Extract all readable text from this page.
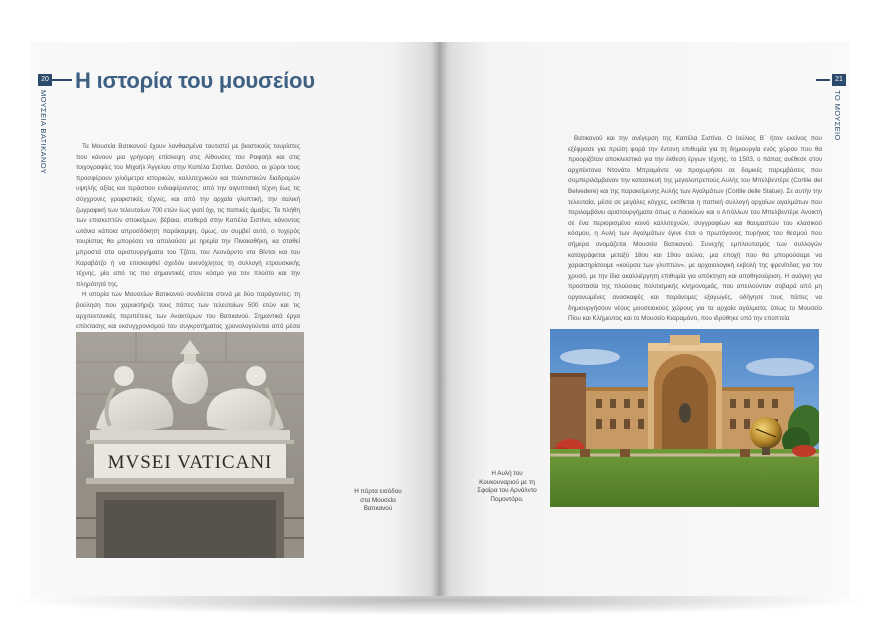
20
ΜΟΥΣΕΙΑ ΒΑΤΙΚΑΝΟΥ
Η ιστορία του μουσείου

Τα Μουσεία Βατικανού έχουν λανθασμένα ταυτιστεί με βιαστικούς τουρίστες που κάνουν μια γρήγορη επίσκεψη στις Αίθουσες του Ραφαήλ και στις τοιχογραφίες του Μιχαήλ Άγγελου στην Καπέλα Σιστίνα. Ωστόσο, οι χώροι τους προσφέρουν χιλιόμετρα ιστορικών, καλλιτεχνικών και πολιτιστικών διαδρομών υψηλής αξίας και τεράστιου ενδιαφέροντος: από την αιγυπτιακή τέχνη έως τις σύγχρονες γραφιστικές τέχνες, και από την αρχαία γλυπτική, την ιταλική ζωγραφική των τελευταίων 700 ετών έως γιατί όχι, τις παπικές άμαξες. Τα πλήθη των επισκεπτών σποκείμων, βέβαια, σταθερά στην Καπέλα Σιστίνα, κάνοντας ωτάνια κάποια απροσδόκητη παράκαμψη, όμως, αν συμβεί αυτό, ο τυχερός τουρίστας θα μπορέσει να απολαύσει με ηρεμία την Πινακοθήκη, κα σταθεί μπροστά στα αριστουργήματα του Τζότο, του Λεονάρντο ντα Βίντσι και του Καραβάτζο ή να επισκεφθεί σχεδόν ανενόχλητος τη συλλογή ετρουσκικής τέχνης, μία από τις πιο σημαντικές στον κόσμο για τον πλούτο και την πληρότητά της.

Η ιστορία των Μουσείων Βατικανού συνδέεται στενά με δύο παράγοντες: τη βούληση που χαρακτήριζε τους πάπες των τελευταίων 500 ετών και τις αρχιτεκτονικές περιπέτειες των Ανακτόρων του Βατικανού. Σημαντικά έργα επέκτασης και εκσυγχρονισμού του συγκροτήματος χρονολογούνται από μέσα

MVSEI VATICANI
Η πόρτα εισόδου στα Μουσεία Βατικανού
21
ΤΟ ΜΟΥΣΕΙΟ

Βατικανού και την ανέγερση της Καπέλα Σιστίνα. Ο Ιούλιος Β΄ ήταν εκείνος που εξέφρασε για πρώτη φορά την έντονη επιθυμία για τη δημιουργία ενός χώρου που θα προοριζόταν αποκλειστικά για την έκθεση έργων τέχνης, το 1503, ο πάπας ανέθεσε στον αρχιτέκτονα Ντονάτο Μπραμάντε να προχωρήσει σε δομικές παρεμβάσεις που συμπεριλάμβαναν την κατασκευή της μεγαλοπρεπούς Αυλής του Μπελβεντέρε (Cortile del Belvedere) και της παρακείμενης Αυλής των Αγαλμάτων (Cortile delle Statue). Σε αυτήν την τελευταία, μέσα σε μεγάλες κόγχες, εκτίθεται η παπική συλλογή αρχαίων αγαλμάτων που περιλαμβάνει αριστουργήματα όπως ο Λαοκόων και ο Απόλλων του Μπελβεντέρε Ανοικτή σε ένα περιορισμένο κοινό καλλιτεχνών, συγγραφέων και θαυμαστών του κλασικού κόσμου, η Αυλή των Αγαλμάτων έγινε έτσι ο πρωτόγονος πυρήνας του θεσμού που σήμερα ονομάζεται Μουσεία Βατικανού. Συνεχής εμπλουτισμός των συλλογών καταγράφεται μεταξύ 18ου και 19ου αιώνα, μια εποχή που θα μπορούσαμε να χαρακτηρίσουμε «κούρσα των γλυπτών», με αρχαιολογική εκβολή της φρενίτιδας για τον χρυσό, με την ίδια ακαλλιέργητη επιθυμία για απόκτηση και αποθησαύριση. Η ανάγκη για προστασία της πλούσιας πολιτισμικής κληρονομιάς, που απειλούνταν σοβαρά από μη οργανωμένες ανασκαφές και παράνομες εξαγωγές, οδήγησε τους πάπες να δημιουργήσουν νέους μουσειακούς χώρους για τα αρχαία αγάλματα, όπως το Μουσείο Πίου και Κλήμεντος και το Μουσείο Κιαραμόντι, που ιδρύθηκε υπό την εποπτεία

Η Αυλή του Κουκουναριού με τη Σφαίρα του Αρνάλντο Πομοντόρο.
